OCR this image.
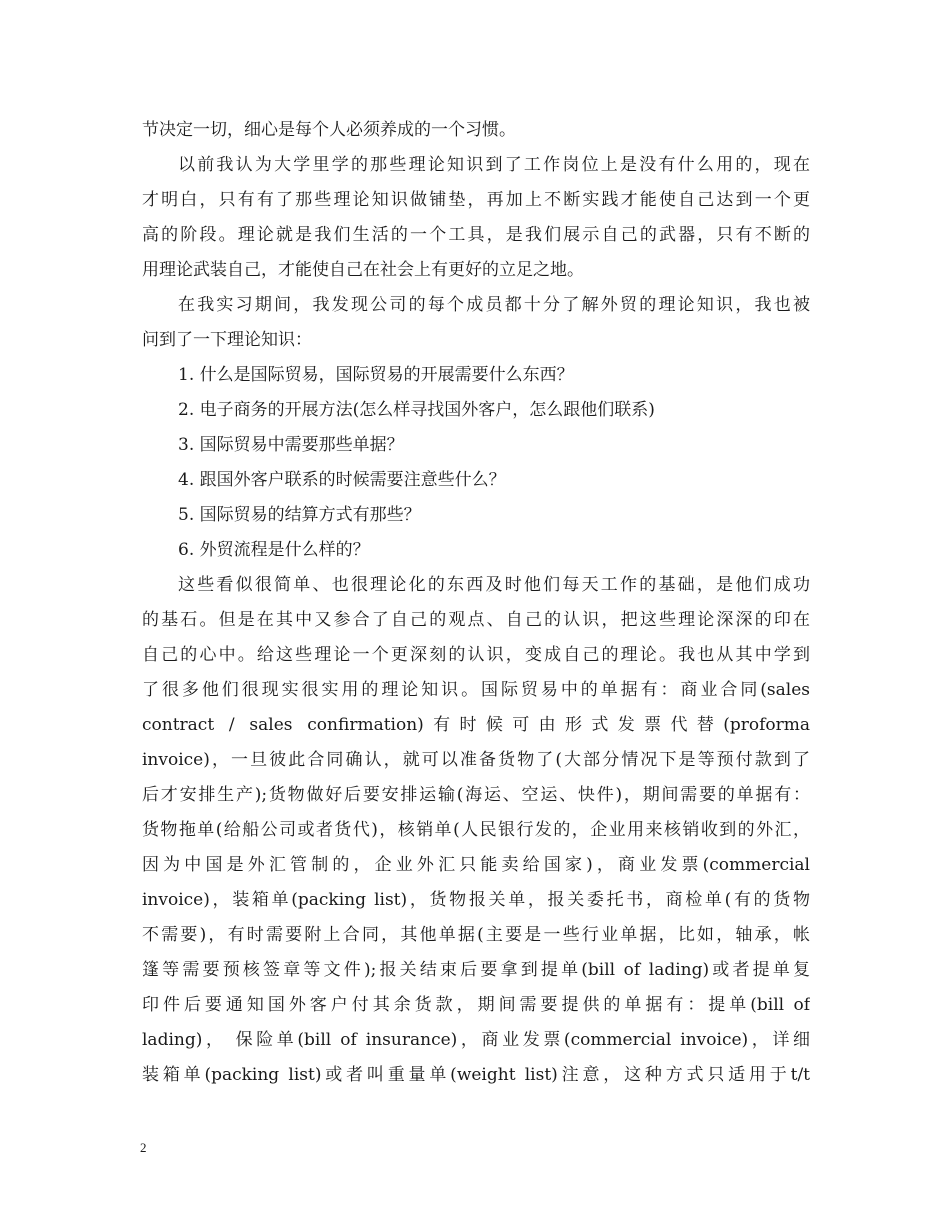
节决定一切，细心是每个人必须养成的一个习惯。
以前我认为大学里学的那些理论知识到了工作岗位上是没有什么用的，现在
才明白，只有有了那些理论知识做铺垫，再加上不断实践才能使自己达到一个更
高的阶段。理论就是我们生活的一个工具，是我们展示自己的武器，只有不断的
用理论武装自己，才能使自己在社会上有更好的立足之地。
在我实习期间，我发现公司的每个成员都十分了解外贸的理论知识，我也被
问到了一下理论知识：
1. 什么是国际贸易，国际贸易的开展需要什么东西？
2. 电子商务的开展方法(怎么样寻找国外客户，怎么跟他们联系)
3. 国际贸易中需要那些单据？
4. 跟国外客户联系的时候需要注意些什么？
5. 国际贸易的结算方式有那些？
6. 外贸流程是什么样的？
这些看似很简单、也很理论化的东西及时他们每天工作的基础，是他们成功
的基石。但是在其中又参合了自己的观点、自己的认识，把这些理论深深的印在
自己的心中。给这些理论一个更深刻的认识，变成自己的理论。我也从其中学到
了很多他们很现实很实用的理论知识。国际贸易中的单据有：商业合同(sales
contract / sales confirmation)有时候可由形式发票代替(proforma
invoice)，一旦彼此合同确认，就可以准备货物了(大部分情况下是等预付款到了
后才安排生产);货物做好后要安排运输(海运、空运、快件)，期间需要的单据有：
货物拖单(给船公司或者货代)，核销单(人民银行发的，企业用来核销收到的外汇，
因为中国是外汇管制的，企业外汇只能卖给国家)，商业发票(commercial
invoice)，装箱单(packing list)，货物报关单，报关委托书，商检单(有的货物
不需要)，有时需要附上合同，其他单据(主要是一些行业单据，比如，轴承，帐
篷等需要预核签章等文件);报关结束后要拿到提单(bill of lading)或者提单复
印件后要通知国外客户付其余货款，期间需要提供的单据有：提单(bill of
lading)， 保险单(bill of insurance)，商业发票(commercial invoice)，详细
装箱单(packing list)或者叫重量单(weight list)注意，这种方式只适用于t/t
2
